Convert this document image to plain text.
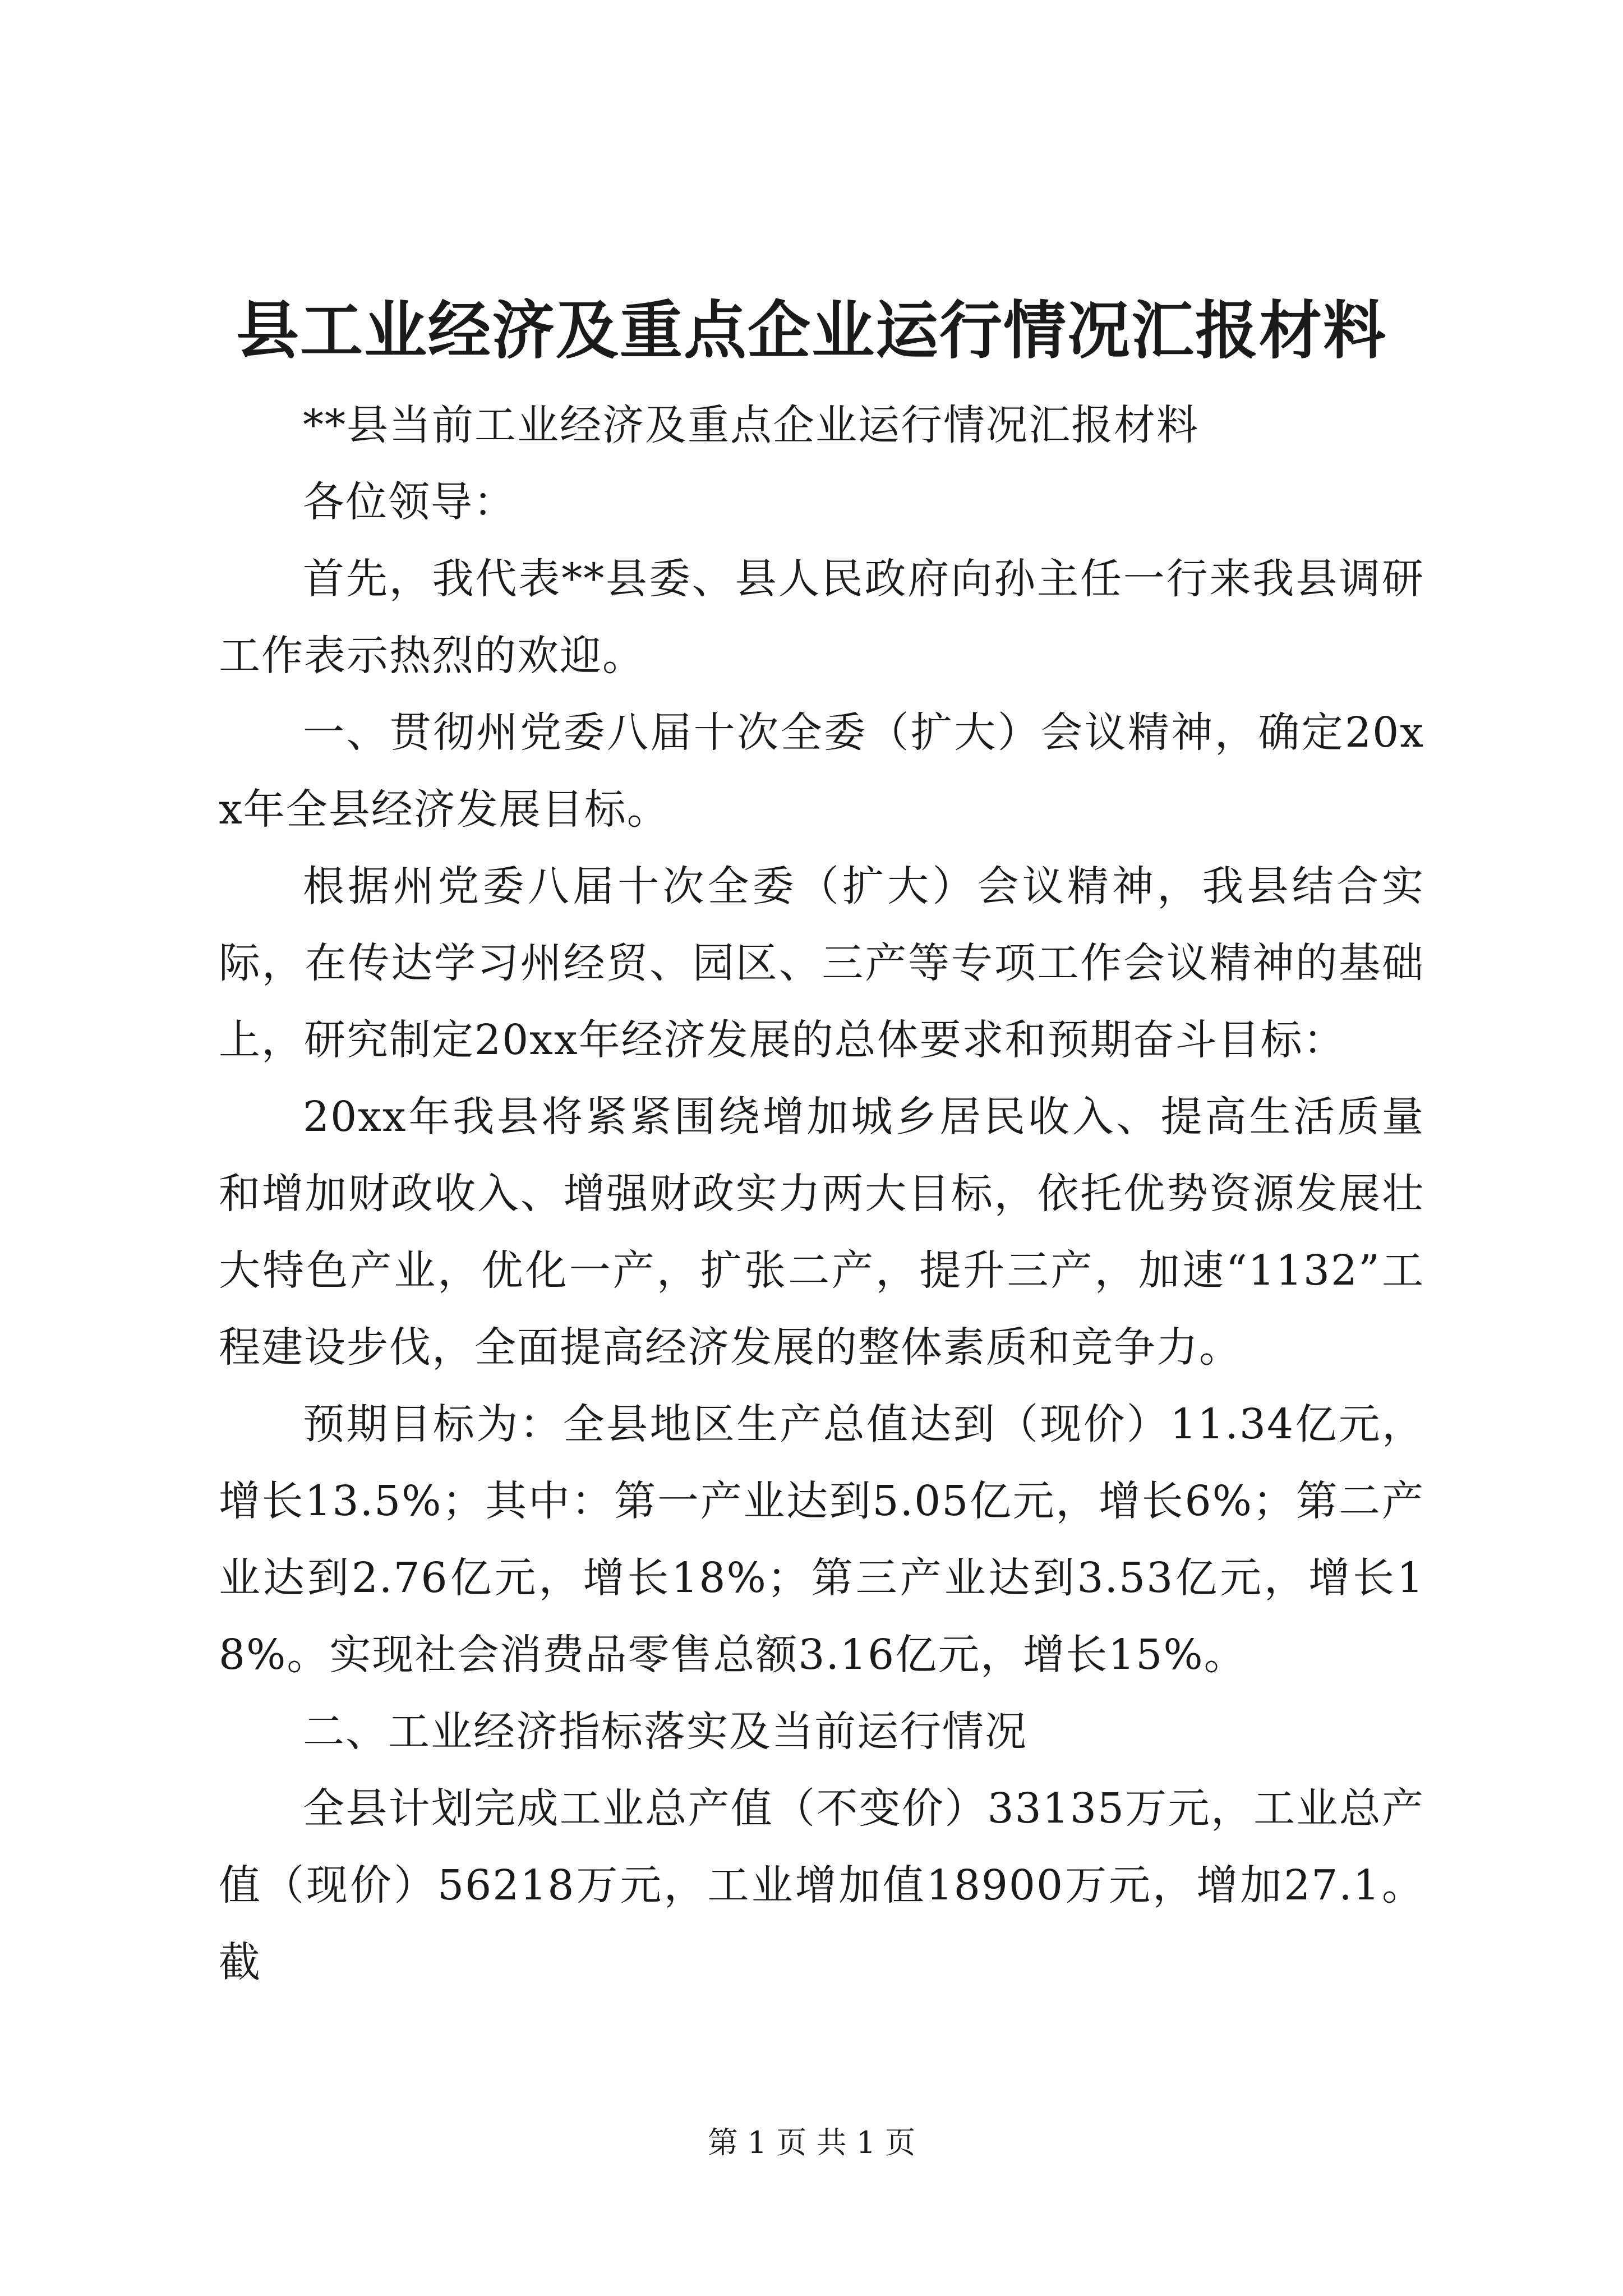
县工业经济及重点企业运行情况汇报材料

**县当前工业经济及重点企业运行情况汇报材料

各位领导：

首先，我代表**县委、县人民政府向孙主任一行来我县调研工作表示热烈的欢迎。

一、贯彻州党委八届十次全委（扩大）会议精神，确定20xx年全县经济发展目标。

根据州党委八届十次全委（扩大）会议精神，我县结合实际，在传达学习州经贸、园区、三产等专项工作会议精神的基础上，研究制定20xx年经济发展的总体要求和预期奋斗目标：

20xx年我县将紧紧围绕增加城乡居民收入、提高生活质量和增加财政收入、增强财政实力两大目标，依托优势资源发展壮大特色产业，优化一产，扩张二产，提升三产，加速“1132”工程建设步伐，全面提高经济发展的整体素质和竞争力。

预期目标为：全县地区生产总值达到（现价）11.34亿元，增长13.5%；其中：第一产业达到5.05亿元，增长6%；第二产业达到2.76亿元，增长18%；第三产业达到3.53亿元，增长18%。实现社会消费品零售总额3.16亿元，增长15%。

二、工业经济指标落实及当前运行情况

全县计划完成工业总产值（不变价）33135万元，工业总产值（现价）56218万元，工业增加值18900万元，增加27.1。截

第 1 页 共 1 页
